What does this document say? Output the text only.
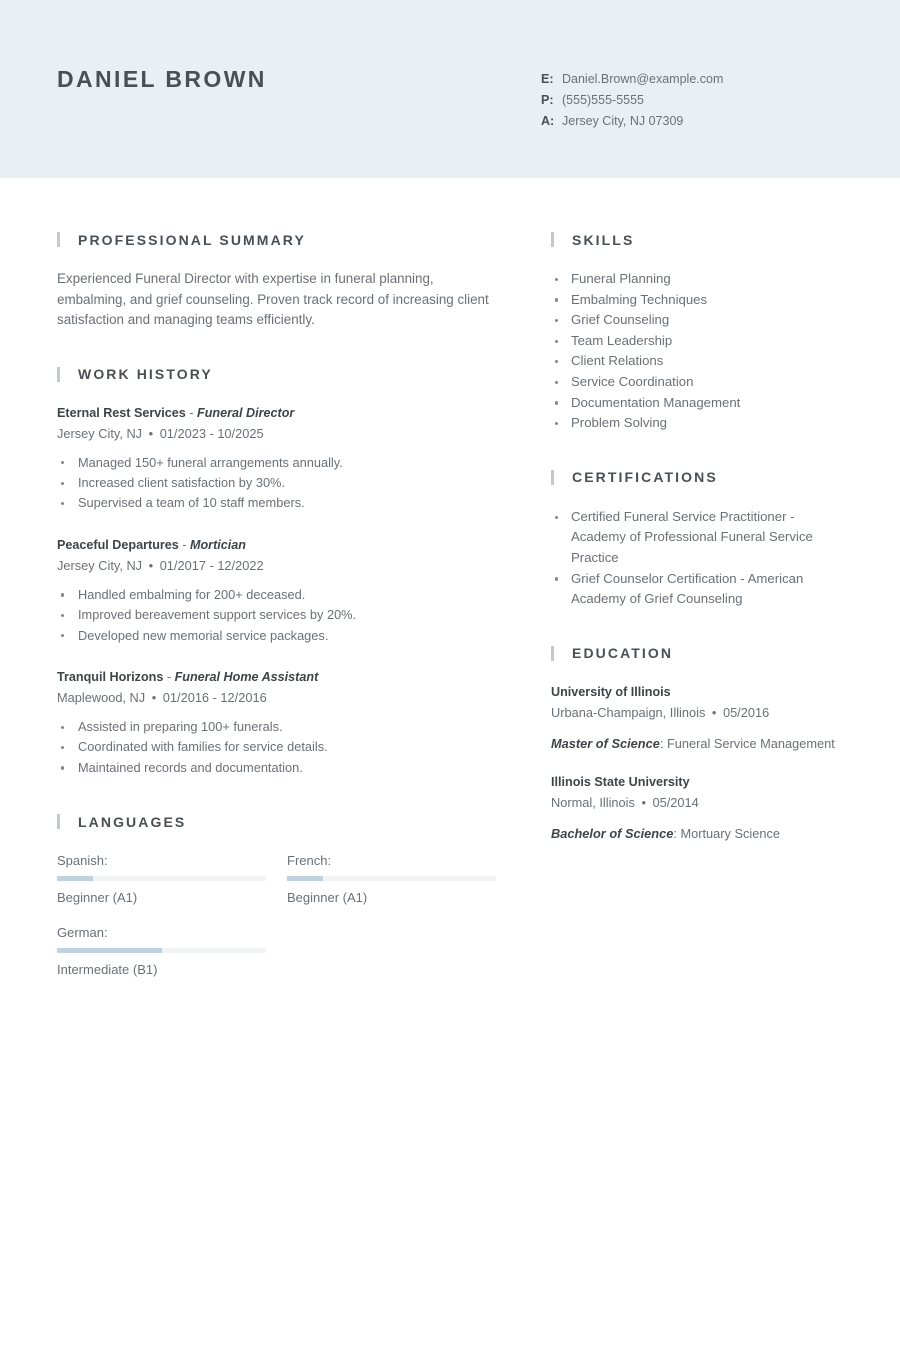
DANIEL BROWN	E: Daniel.Brown@example.com
P: (555)555-5555
A: Jersey City, NJ 07309
PROFESSIONAL SUMMARY
Experienced Funeral Director with expertise in funeral planning, embalming, and grief counseling. Proven track record of increasing client satisfaction and managing teams efficiently.
WORK HISTORY
Eternal Rest Services - Funeral Director
Jersey City, NJ • 01/2023 - 10/2025
Managed 150+ funeral arrangements annually.
Increased client satisfaction by 30%.
Supervised a team of 10 staff members.
Peaceful Departures - Mortician
Jersey City, NJ • 01/2017 - 12/2022
Handled embalming for 200+ deceased.
Improved bereavement support services by 20%.
Developed new memorial service packages.
Tranquil Horizons - Funeral Home Assistant
Maplewood, NJ • 01/2016 - 12/2016
Assisted in preparing 100+ funerals.
Coordinated with families for service details.
Maintained records and documentation.
LANGUAGES
Spanish:
Beginner (A1)
French:
Beginner (A1)
German:
Intermediate (B1)
SKILLS
Funeral Planning
Embalming Techniques
Grief Counseling
Team Leadership
Client Relations
Service Coordination
Documentation Management
Problem Solving
CERTIFICATIONS
Certified Funeral Service Practitioner - Academy of Professional Funeral Service Practice
Grief Counselor Certification - American Academy of Grief Counseling
EDUCATION
University of Illinois
Urbana-Champaign, Illinois • 05/2016
Master of Science: Funeral Service Management
Illinois State University
Normal, Illinois • 05/2014
Bachelor of Science: Mortuary Science
